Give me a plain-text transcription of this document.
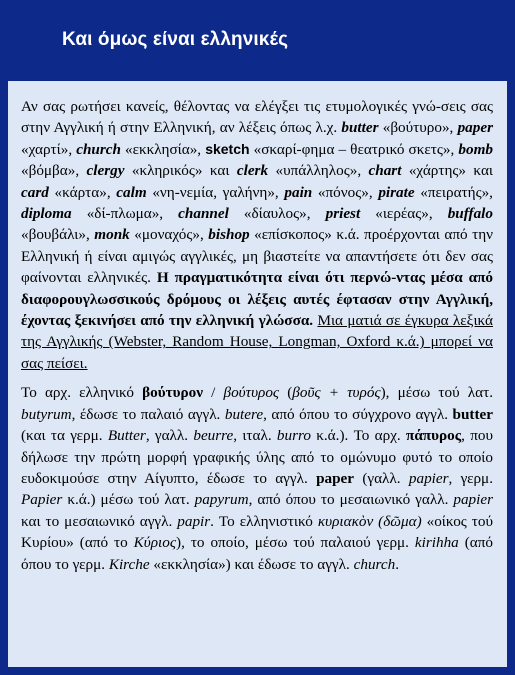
Και όμως είναι ελληνικές

Αν σας ρωτήσει κανείς, θέλοντας να ελέγξει τις ετυμολογικές γνώ-σεις σας στην Αγγλική ή στην Ελληνική, αν λέξεις όπως λ.χ. butter «βούτυρο», paper «χαρτί», church «εκκλησία», sketch «σκαρί-φημα – θεατρικό σκετς», bomb «βόμβα», clergy «κληρικός» και clerk «υπάλληλος», chart «χάρτης» και card «κάρτα», calm «νη-νεμία, γαλήνη», pain «πόνος», pirate «πειρατής», diploma «δί-πλωμα», channel «δίαυλος», priest «ιερέας», buffalo «βουβάλι», monk «μοναχός», bishop «επίσκοπος» κ.ά. προέρχονται από την Ελληνική ή είναι αμιγώς αγγλικές, μη βιαστείτε να απαντήσετε ότι δεν σας φαίνονται ελληνικές. Η πραγματικότητα είναι ότι περνώ-ντας μέσα από διαφορουγλωσσικούς δρόμους οι λέξεις αυτές έφτασαν στην Αγγλική, έχοντας ξεκινήσει από την ελληνική γλώσσα. Μια ματιά σε έγκυρα λεξικά της Αγγλικής (Webster, Random House, Longman, Oxford κ.ά.) μπορεί να σας πείσει.

Το αρχ. ελληνικό βούτυρον / βούτυρος (βοῦς + τυρός), μέσω τού λατ. butyrum, έδωσε το παλαιό αγγλ. butere, από όπου το σύγχρονο αγγλ. butter (και τα γερμ. Butter, γαλλ. beurre, ιταλ. burro κ.ά.). Το αρχ. πάπυρος, που δήλωσε την πρώτη μορφή γραφικής ύλης από το ομώνυμο φυτό το οποίο ευδοκιμούσε στην Αίγυπτο, έδωσε το αγγλ. paper (γαλλ. papier, γερμ. Papier κ.ά.) μέσω τού λατ. papyrum, από όπου το μεσαιωνικό γαλλ. papier και το μεσαιωνικό αγγλ. papir. Το ελληνιστικό κυριακὸν (δῶμα) «οίκος τού Κυρίου» (από το Κύριος), το οποίο, μέσω τού παλαιού γερμ. kirihha (από όπου το γερμ. Kirche «εκκλησία») και έδωσε το αγγλ. church.
